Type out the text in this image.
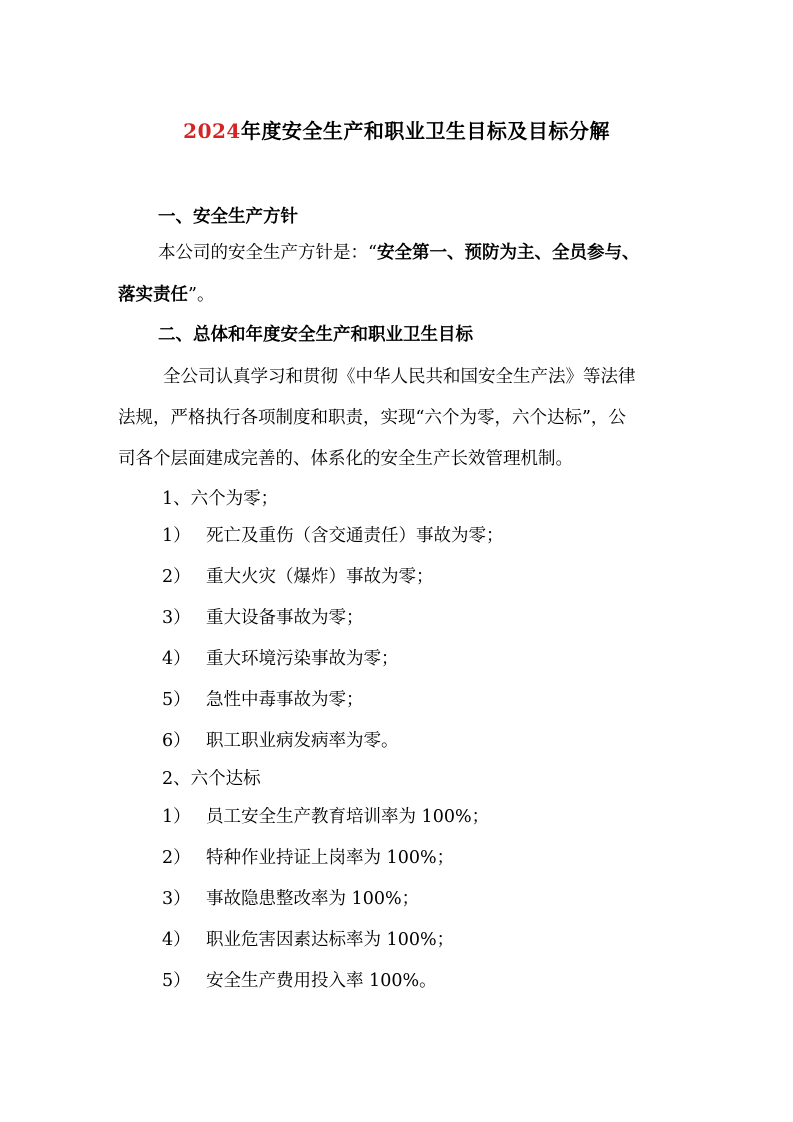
2024年度安全生产和职业卫生目标及目标分解
一、安全生产方针
本公司的安全生产方针是：“安全第一、预防为主、全员参与、
落实责任”。
二、总体和年度安全生产和职业卫生目标
全公司认真学习和贯彻《中华人民共和国安全生产法》等法律
法规，严格执行各项制度和职责，实现“六个为零，六个达标”，公
司各个层面建成完善的、体系化的安全生产长效管理机制。
1、六个为零；
1） 死亡及重伤（含交通责任）事故为零；
2） 重大火灾（爆炸）事故为零；
3） 重大设备事故为零；
4） 重大环境污染事故为零；
5） 急性中毒事故为零；
6） 职工职业病发病率为零。
2、六个达标
1） 员工安全生产教育培训率为 100%；
2） 特种作业持证上岗率为 100%；
3） 事故隐患整改率为 100%；
4） 职业危害因素达标率为 100%；
5） 安全生产费用投入率 100%。
